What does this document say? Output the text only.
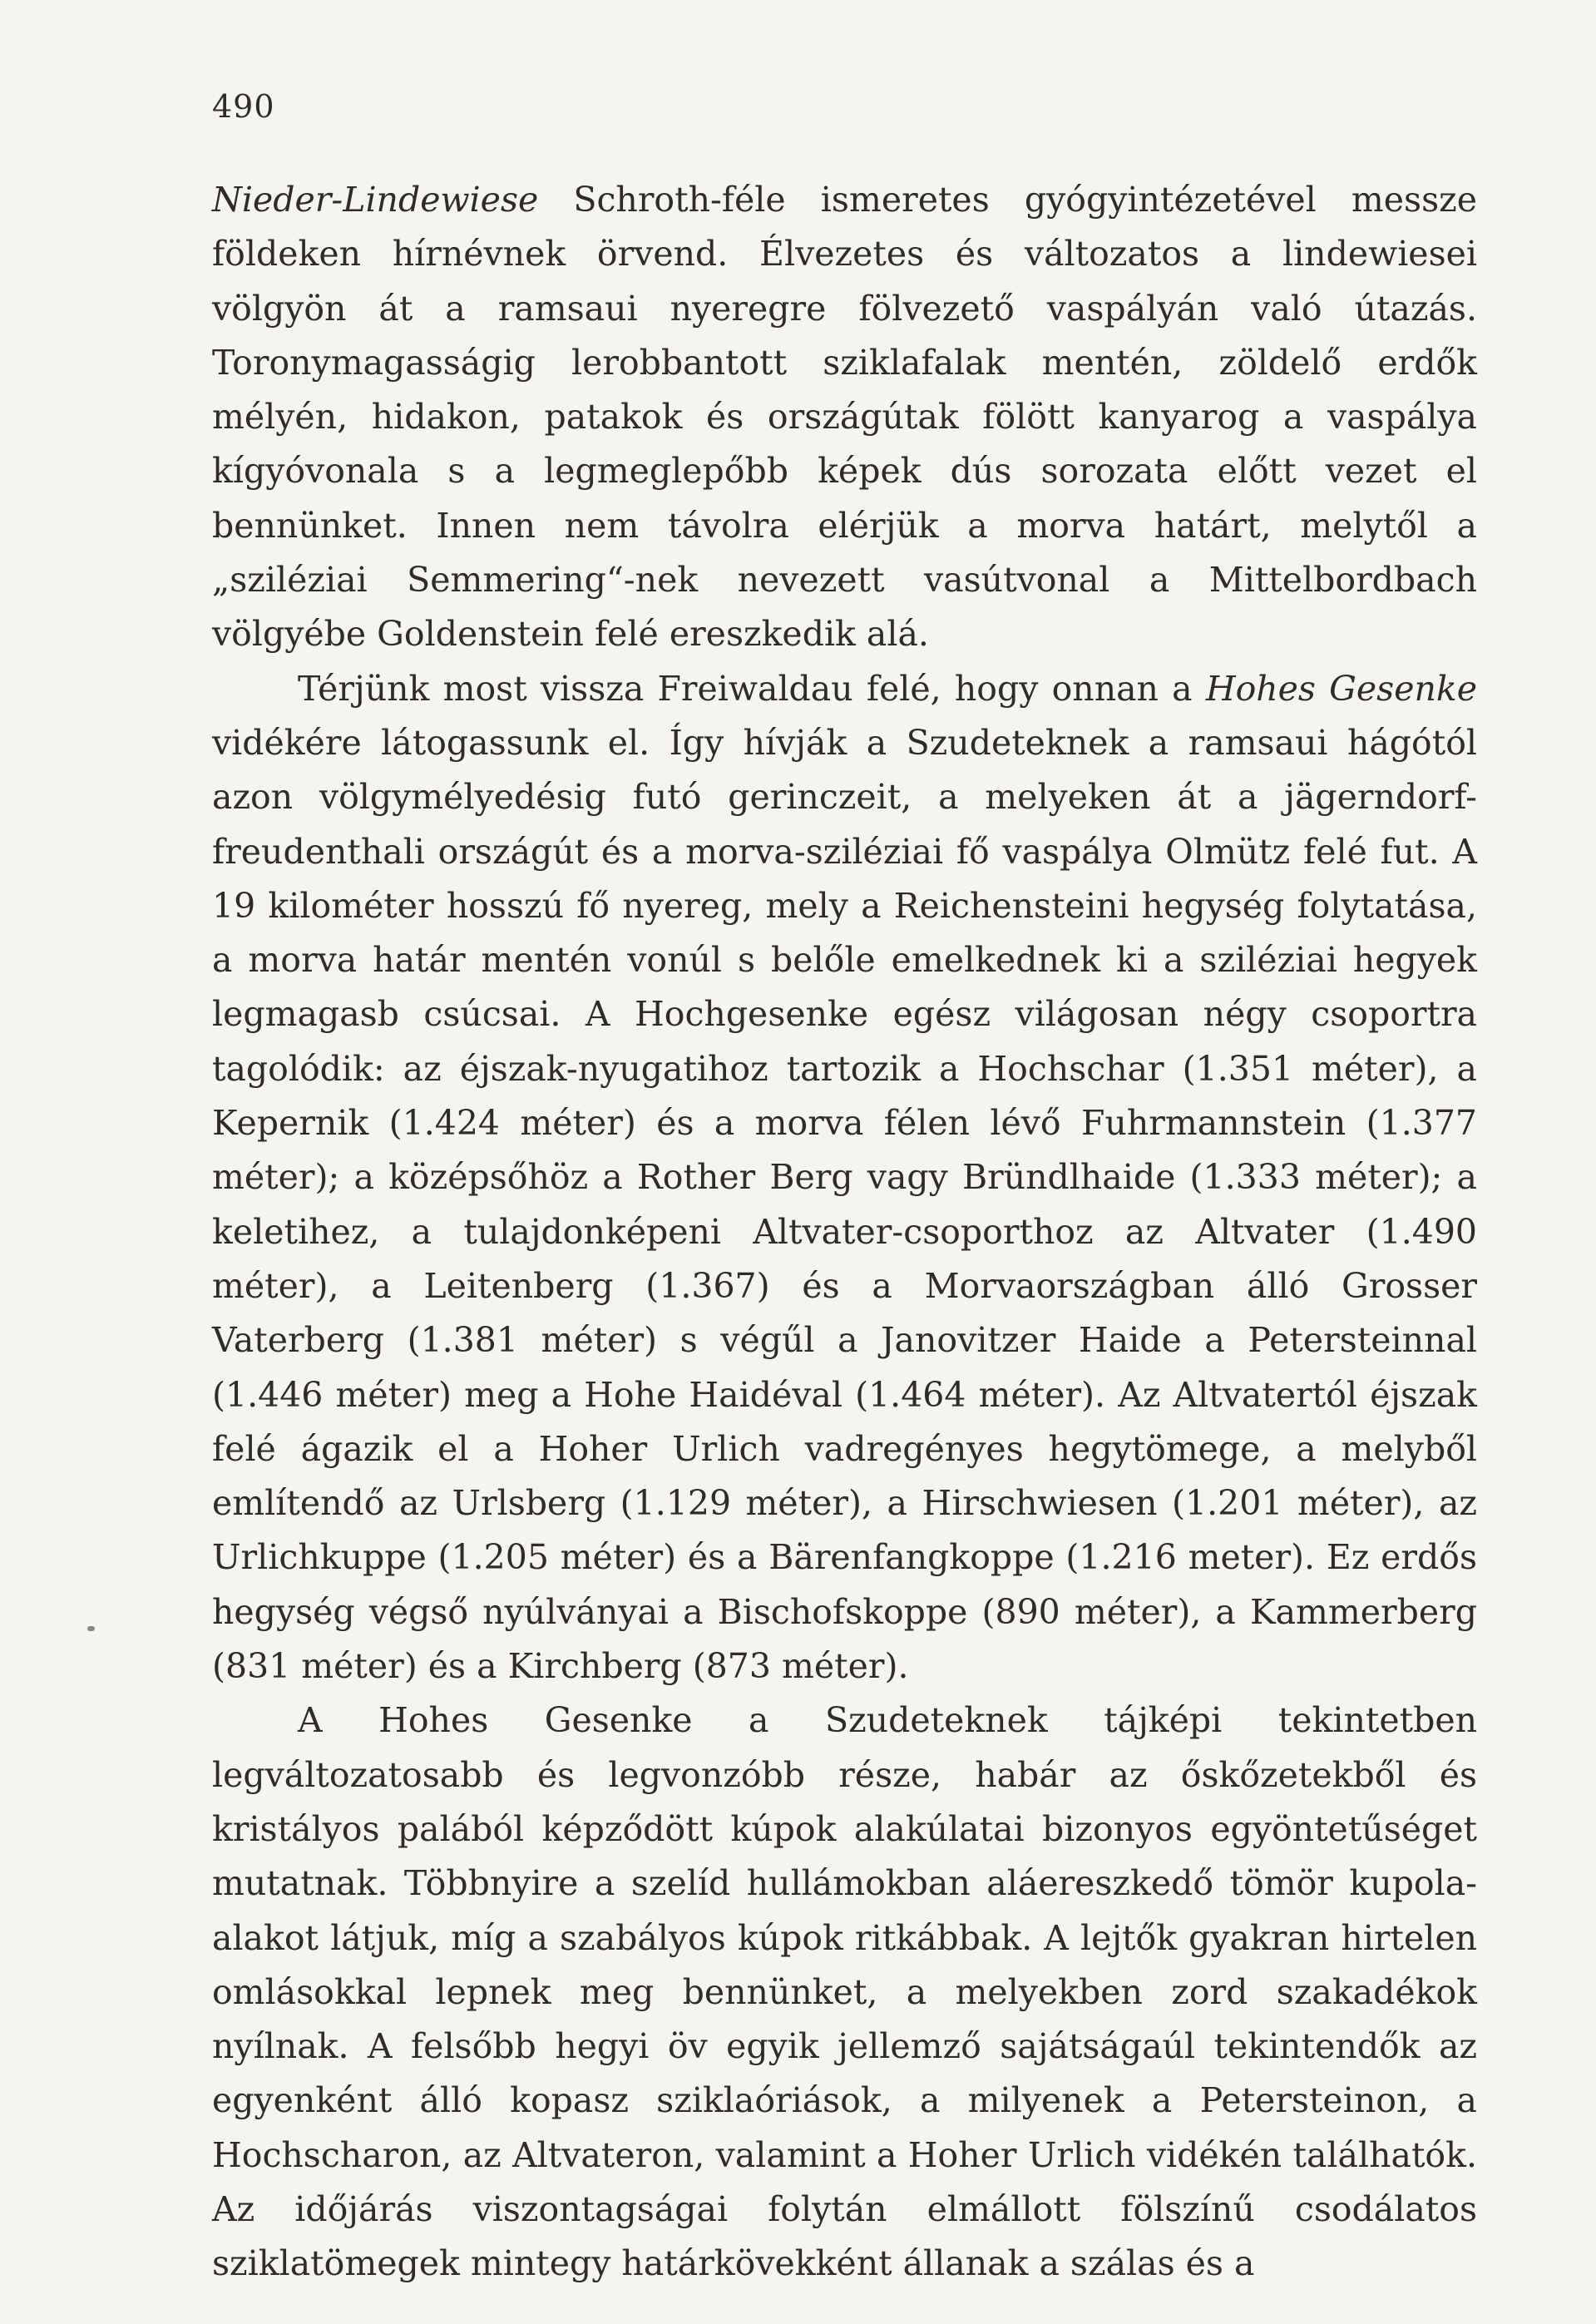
490

Nieder-Lindewiese Schroth-féle ismeretes gyógyintézetével messze földeken hírnévnek örvend. Élvezetes és változatos a lindewiesei völgyön át a ramsaui nyeregre fölvezető vaspályán való útazás. Toronymagasságig lerobbantott sziklafalak mentén, zöldelő erdők mélyén, hidakon, patakok és országútak fölött kanyarog a vaspálya kígyóvonala s a legmeglepőbb képek dús sorozata előtt vezet el bennünket. Innen nem távolra elérjük a morva határt, melytől a „sziléziai Semmering“-nek nevezett vasútvonal a Mittelbordbach völgyébe Goldenstein felé ereszkedik alá.

Térjünk most vissza Freiwaldau felé, hogy onnan a Hohes Gesenke vidékére látogassunk el. Így hívják a Szudeteknek a ramsaui hágótól azon völgymélyedésig futó gerinczeit, a melyeken át a jägerndorf-freudenthali országút és a morva-sziléziai fő vaspálya Olmütz felé fut. A 19 kilométer hosszú fő nyereg, mely a Reichensteini hegység folytatása, a morva határ mentén vonúl s belőle emelkednek ki a sziléziai hegyek legmagasb csúcsai. A Hochgesenke egész világosan négy csoportra tagolódik: az éjszak-nyugatihoz tartozik a Hochschar (1.351 méter), a Kepernik (1.424 méter) és a morva félen lévő Fuhrmannstein (1.377 méter); a középsőhöz a Rother Berg vagy Bründlhaide (1.333 méter); a keletihez, a tulajdonképeni Altvater-csoporthoz az Altvater (1.490 méter), a Leitenberg (1.367) és a Morvaországban álló Grosser Vaterberg (1.381 méter) s végűl a Janovitzer Haide a Petersteinnal (1.446 méter) meg a Hohe Haidéval (1.464 méter). Az Altvatertól éjszak felé ágazik el a Hoher Urlich vadregényes hegytömege, a melyből említendő az Urlsberg (1.129 méter), a Hirschwiesen (1.201 méter), az Urlichkuppe (1.205 méter) és a Bärenfangkoppe (1.216 meter). Ez erdős hegység végső nyúlványai a Bischofskoppe (890 méter), a Kammerberg (831 méter) és a Kirchberg (873 méter).

A Hohes Gesenke a Szudeteknek tájképi tekintetben legváltozatosabb és legvonzóbb része, habár az őskőzetekből és kristályos palából képződött kúpok alakúlatai bizonyos egyöntetűséget mutatnak. Többnyire a szelíd hullámokban aláereszkedő tömör kupola-alakot látjuk, míg a szabályos kúpok ritkábbak. A lejtők gyakran hirtelen omlásokkal lepnek meg bennünket, a melyekben zord szakadékok nyílnak. A felsőbb hegyi öv egyik jellemző sajátságaúl tekintendők az egyenként álló kopasz sziklaóriások, a milyenek a Petersteinon, a Hochscharon, az Altvateron, valamint a Hoher Urlich vidékén találhatók. Az időjárás viszontagságai folytán elmállott fölszínű csodálatos sziklatömegek mintegy határkövekként állanak a szálas és a
